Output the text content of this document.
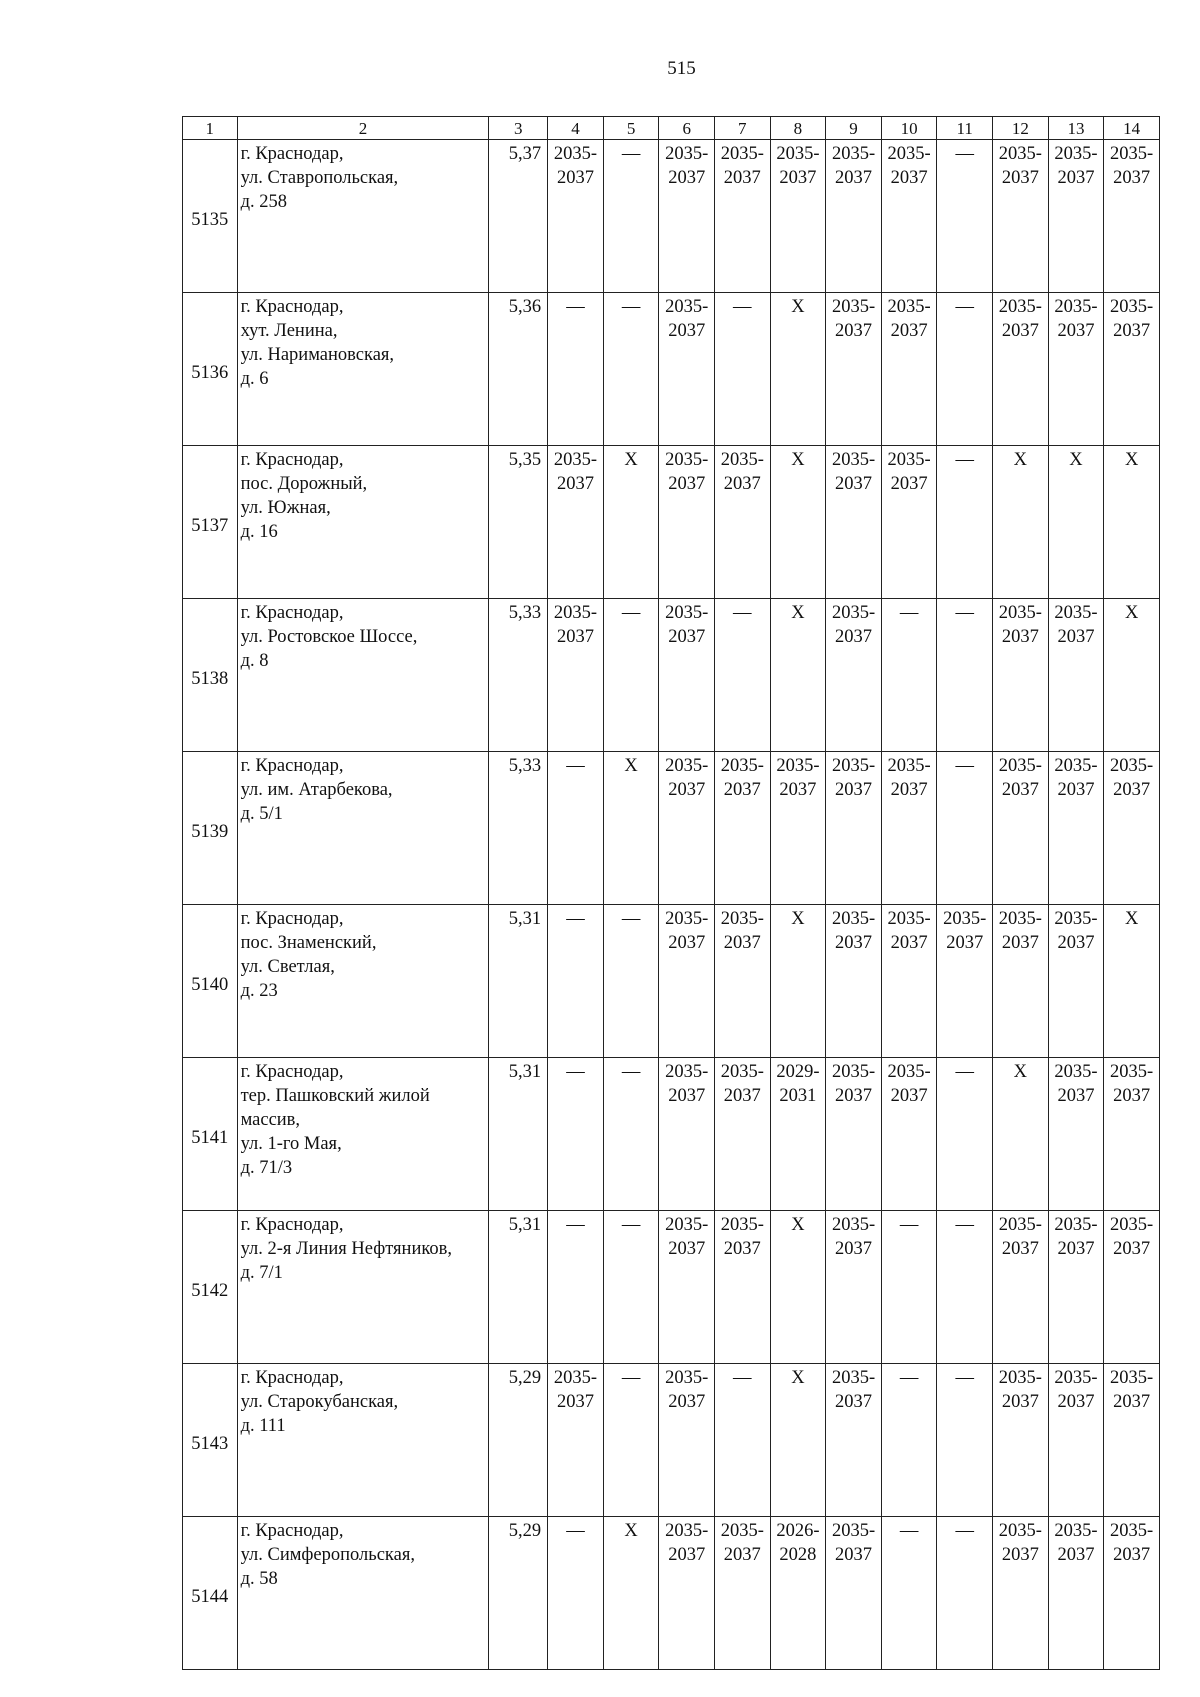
515
1	2	3	4	5	6	7	8	9	10	11	12	13	14
5135	г. Краснодар,
ул. Ставропольская,
д. 258	5,37	2035-
2037	—	2035-
2037	2035-
2037	2035-
2037	2035-
2037	2035-
2037	—	2035-
2037	2035-
2037	2035-
2037
5136	г. Краснодар,
хут. Ленина,
ул. Наримановская,
д. 6	5,36	—	—	2035-
2037	—	Х	2035-
2037	2035-
2037	—	2035-
2037	2035-
2037	2035-
2037
5137	г. Краснодар,
пос. Дорожный,
ул. Южная,
д. 16	5,35	2035-
2037	Х	2035-
2037	2035-
2037	Х	2035-
2037	2035-
2037	—	Х	Х	Х
5138	г. Краснодар,
ул. Ростовское Шоссе,
д. 8	5,33	2035-
2037	—	2035-
2037	—	Х	2035-
2037	—	—	2035-
2037	2035-
2037	Х
5139	г. Краснодар,
ул. им. Атарбекова,
д. 5/1	5,33	—	Х	2035-
2037	2035-
2037	2035-
2037	2035-
2037	2035-
2037	—	2035-
2037	2035-
2037	2035-
2037
5140	г. Краснодар,
пос. Знаменский,
ул. Светлая,
д. 23	5,31	—	—	2035-
2037	2035-
2037	Х	2035-
2037	2035-
2037	2035-
2037	2035-
2037	2035-
2037	Х
5141	г. Краснодар,
тер. Пашковский жилой
массив,
ул. 1-го Мая,
д. 71/3	5,31	—	—	2035-
2037	2035-
2037	2029-
2031	2035-
2037	2035-
2037	—	Х	2035-
2037	2035-
2037
5142	г. Краснодар,
ул. 2-я Линия Нефтяников,
д. 7/1	5,31	—	—	2035-
2037	2035-
2037	Х	2035-
2037	—	—	2035-
2037	2035-
2037	2035-
2037
5143	г. Краснодар,
ул. Старокубанская,
д. 111	5,29	2035-
2037	—	2035-
2037	—	Х	2035-
2037	—	—	2035-
2037	2035-
2037	2035-
2037
5144	г. Краснодар,
ул. Симферопольская,
д. 58	5,29	—	Х	2035-
2037	2035-
2037	2026-
2028	2035-
2037	—	—	2035-
2037	2035-
2037	2035-
2037
